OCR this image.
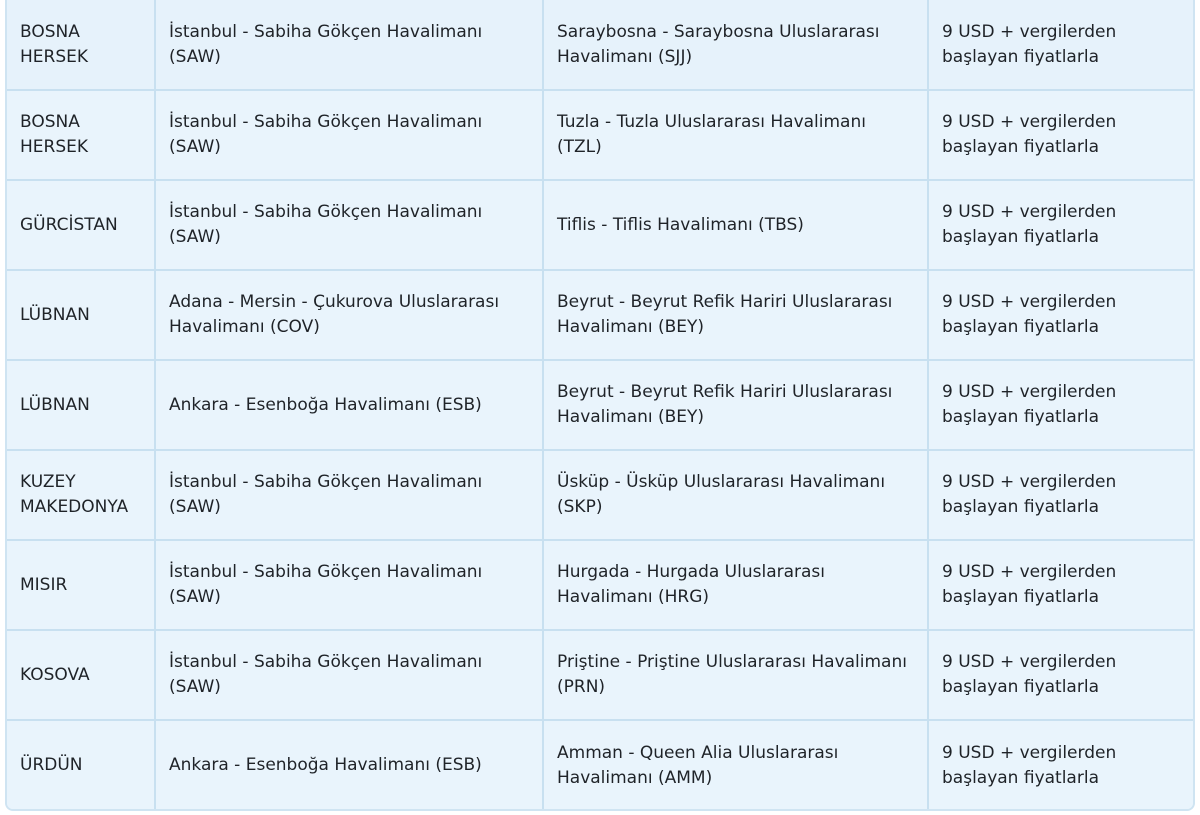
BOSNA HERSEK	İstanbul - Sabiha Gökçen Havalimanı (SAW)	Saraybosna - Saraybosna Uluslararası Havalimanı (SJJ)	9 USD + vergilerden başlayan fiyatlarla
BOSNA HERSEK	İstanbul - Sabiha Gökçen Havalimanı (SAW)	Tuzla - Tuzla Uluslararası Havalimanı (TZL)	9 USD + vergilerden başlayan fiyatlarla
GÜRCİSTAN	İstanbul - Sabiha Gökçen Havalimanı (SAW)	Tiflis - Tiflis Havalimanı (TBS)	9 USD + vergilerden başlayan fiyatlarla
LÜBNAN	Adana - Mersin - Çukurova Uluslararası Havalimanı (COV)	Beyrut - Beyrut Refik Hariri Uluslararası Havalimanı (BEY)	9 USD + vergilerden başlayan fiyatlarla
LÜBNAN	Ankara - Esenboğa Havalimanı (ESB)	Beyrut - Beyrut Refik Hariri Uluslararası Havalimanı (BEY)	9 USD + vergilerden başlayan fiyatlarla
KUZEY MAKEDONYA	İstanbul - Sabiha Gökçen Havalimanı (SAW)	Üsküp - Üsküp Uluslararası Havalimanı (SKP)	9 USD + vergilerden başlayan fiyatlarla
MISIR	İstanbul - Sabiha Gökçen Havalimanı (SAW)	Hurgada - Hurgada Uluslararası Havalimanı (HRG)	9 USD + vergilerden başlayan fiyatlarla
KOSOVA	İstanbul - Sabiha Gökçen Havalimanı (SAW)	Priştine - Priştine Uluslararası Havalimanı (PRN)	9 USD + vergilerden başlayan fiyatlarla
ÜRDÜN	Ankara - Esenboğa Havalimanı (ESB)	Amman - Queen Alia Uluslararası Havalimanı (AMM)	9 USD + vergilerden başlayan fiyatlarla
